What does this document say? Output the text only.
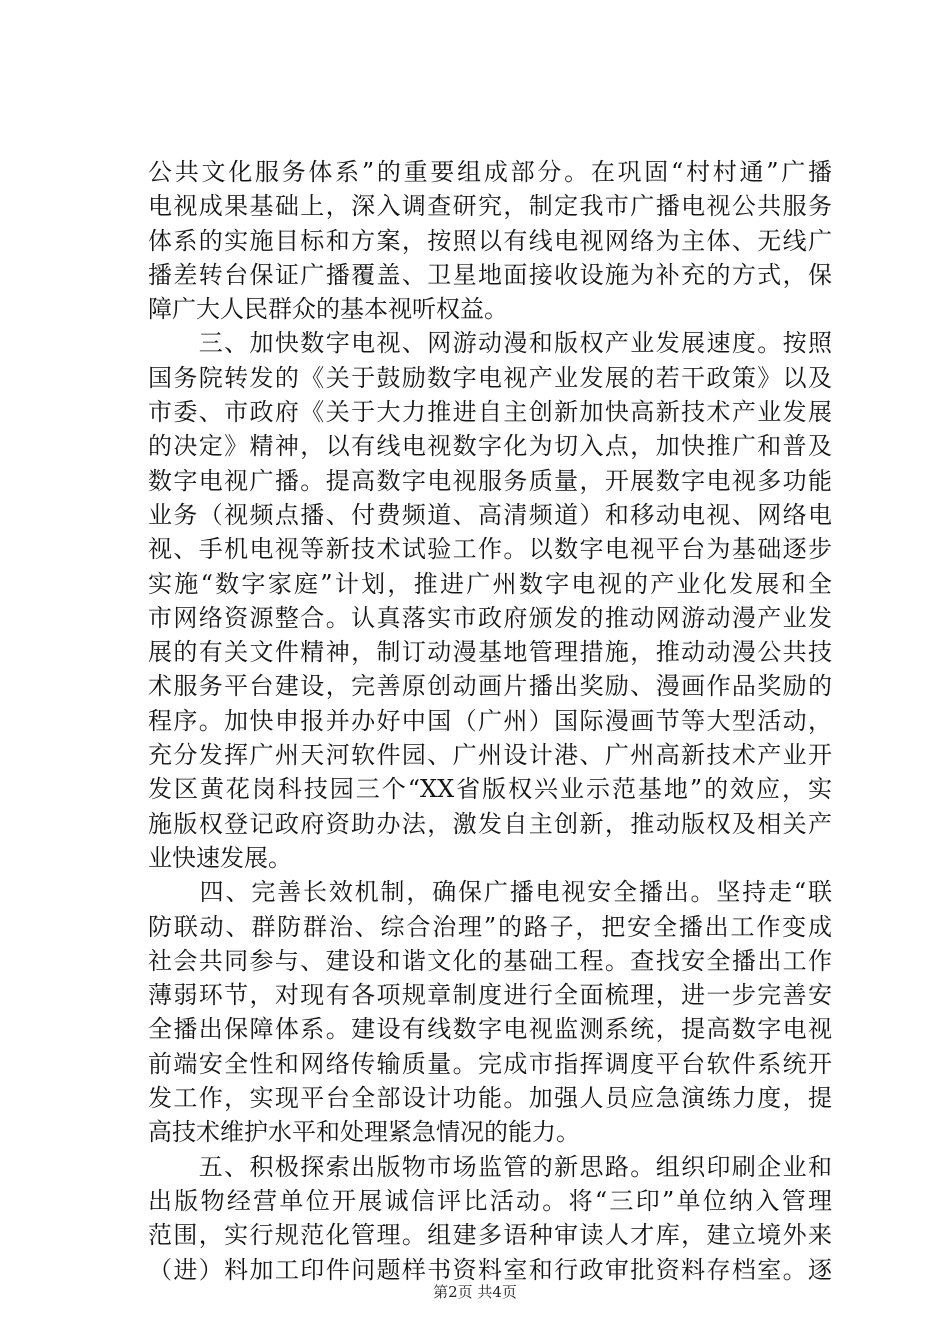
公共文化服务体系”的重要组成部分。在巩固“村村通”广播
电视成果基础上，深入调查研究，制定我市广播电视公共服务
体系的实施目标和方案，按照以有线电视网络为主体、无线广
播差转台保证广播覆盖、卫星地面接收设施为补充的方式，保
障广大人民群众的基本视听权益。
　　三、加快数字电视、网游动漫和版权产业发展速度。按照
国务院转发的《关于鼓励数字电视产业发展的若干政策》以及
市委、市政府《关于大力推进自主创新加快高新技术产业发展
的决定》精神，以有线电视数字化为切入点，加快推广和普及
数字电视广播。提高数字电视服务质量，开展数字电视多功能
业务（视频点播、付费频道、高清频道）和移动电视、网络电
视、手机电视等新技术试验工作。以数字电视平台为基础逐步
实施“数字家庭”计划，推进广州数字电视的产业化发展和全
市网络资源整合。认真落实市政府颁发的推动网游动漫产业发
展的有关文件精神，制订动漫基地管理措施，推动动漫公共技
术服务平台建设，完善原创动画片播出奖励、漫画作品奖励的
程序。加快申报并办好中国（广州）国际漫画节等大型活动，
充分发挥广州天河软件园、广州设计港、广州高新技术产业开
发区黄花岗科技园三个“XX省版权兴业示范基地”的效应，实
施版权登记政府资助办法，激发自主创新，推动版权及相关产
业快速发展。
　　四、完善长效机制，确保广播电视安全播出。坚持走“联
防联动、群防群治、综合治理”的路子，把安全播出工作变成
社会共同参与、建设和谐文化的基础工程。查找安全播出工作
薄弱环节，对现有各项规章制度进行全面梳理，进一步完善安
全播出保障体系。建设有线数字电视监测系统，提高数字电视
前端安全性和网络传输质量。完成市指挥调度平台软件系统开
发工作，实现平台全部设计功能。加强人员应急演练力度，提
高技术维护水平和处理紧急情况的能力。
　　五、积极探索出版物市场监管的新思路。组织印刷企业和
出版物经营单位开展诚信评比活动。将“三印”单位纳入管理
范围，实行规范化管理。组建多语种审读人才库，建立境外来
（进）料加工印件问题样书资料室和行政审批资料存档室。逐
第2页 共4页
